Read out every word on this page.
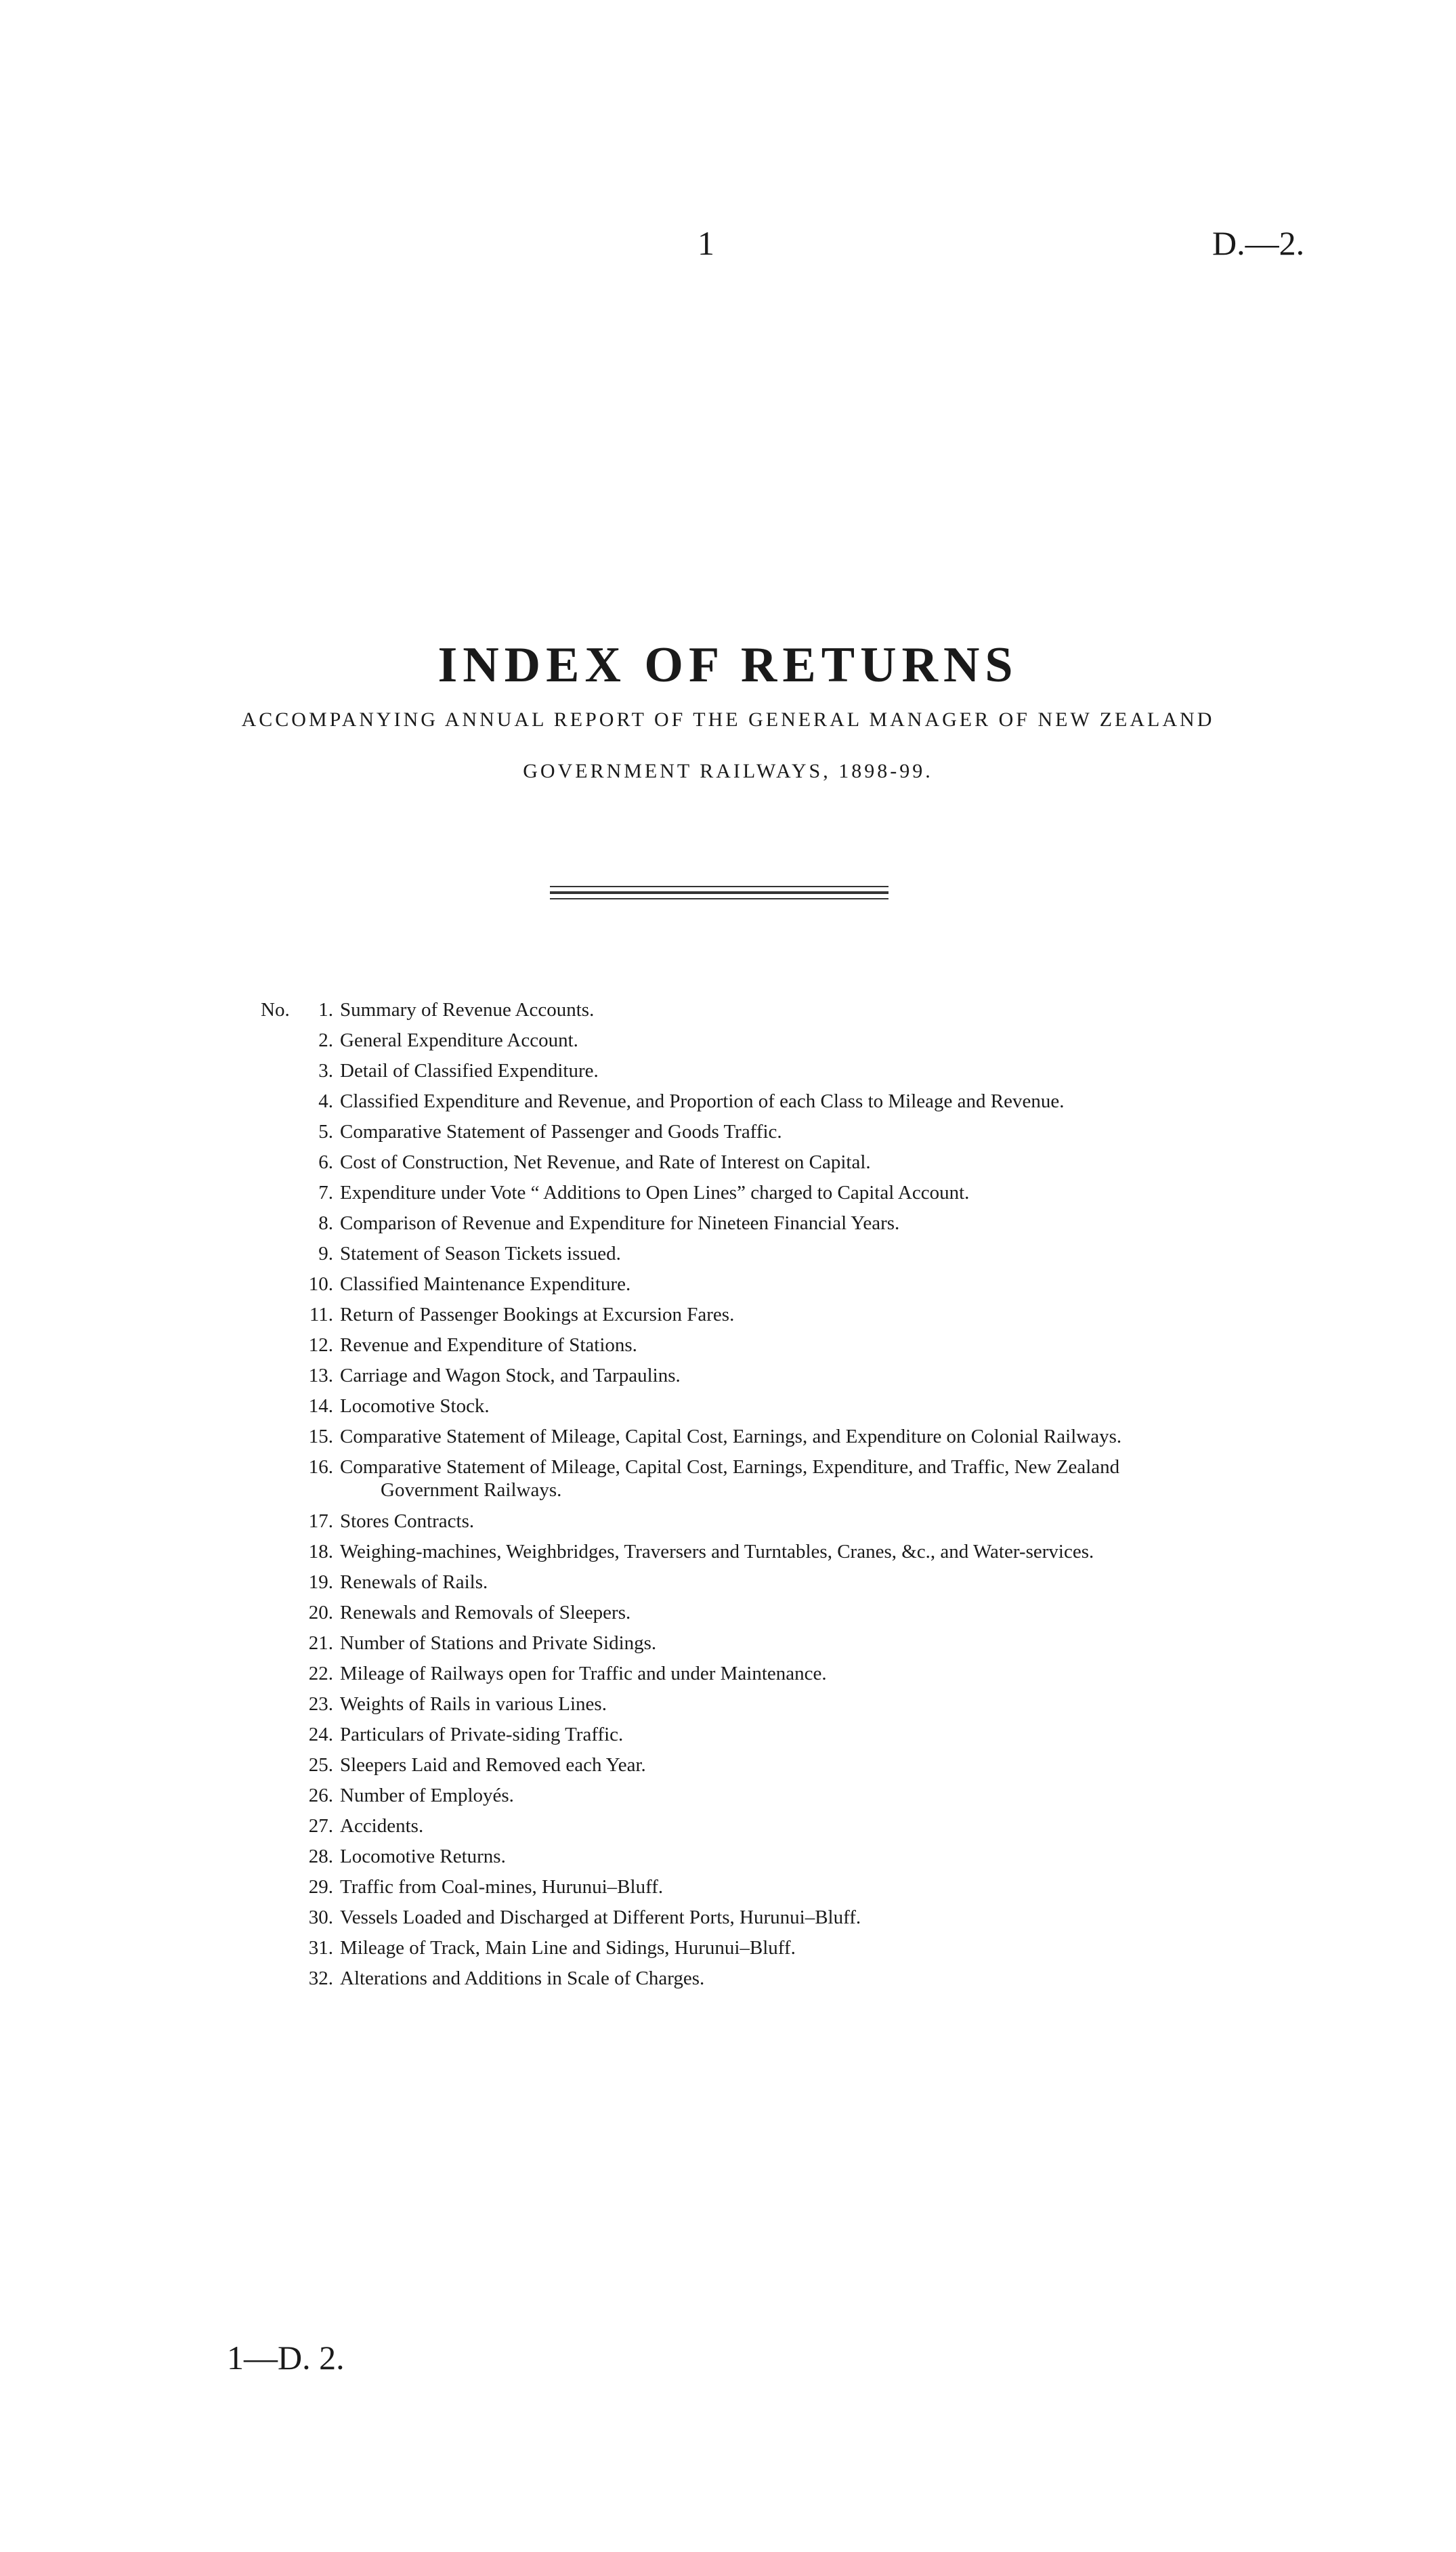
1	D.—2.
INDEX OF RETURNS
ACCOMPANYING ANNUAL REPORT OF THE GENERAL MANAGER OF NEW ZEALAND
GOVERNMENT RAILWAYS, 1898-99.
No.	1. Summary of Revenue Accounts.
2. General Expenditure Account.
3. Detail of Classified Expenditure.
4. Classified Expenditure and Revenue, and Proportion of each Class to Mileage and Revenue.
5. Comparative Statement of Passenger and Goods Traffic.
6. Cost of Construction, Net Revenue, and Rate of Interest on Capital.
7. Expenditure under Vote “ Additions to Open Lines” charged to Capital Account.
8. Comparison of Revenue and Expenditure for Nineteen Financial Years.
9. Statement of Season Tickets issued.
10. Classified Maintenance Expenditure.
11. Return of Passenger Bookings at Excursion Fares.
12. Revenue and Expenditure of Stations.
13. Carriage and Wagon Stock, and Tarpaulins.
14. Locomotive Stock.
15. Comparative Statement of Mileage, Capital Cost, Earnings, and Expenditure on Colonial Railways.
16. Comparative Statement of Mileage, Capital Cost, Earnings, Expenditure, and Traffic, New Zealand
Government Railways.
17. Stores Contracts.
18. Weighing-machines, Weighbridges, Traversers and Turntables, Cranes, &c., and Water-services.
19. Renewals of Rails.
20. Renewals and Removals of Sleepers.
21. Number of Stations and Private Sidings.
22. Mileage of Railways open for Traffic and under Maintenance.
23. Weights of Rails in various Lines.
24. Particulars of Private-siding Traffic.
25. Sleepers Laid and Removed each Year.
26. Number of Employés.
27. Accidents.
28. Locomotive Returns.
29. Traffic from Coal-mines, Hurunui–Bluff.
30. Vessels Loaded and Discharged at Different Ports, Hurunui–Bluff.
31. Mileage of Track, Main Line and Sidings, Hurunui–Bluff.
32. Alterations and Additions in Scale of Charges.
1—D. 2.
